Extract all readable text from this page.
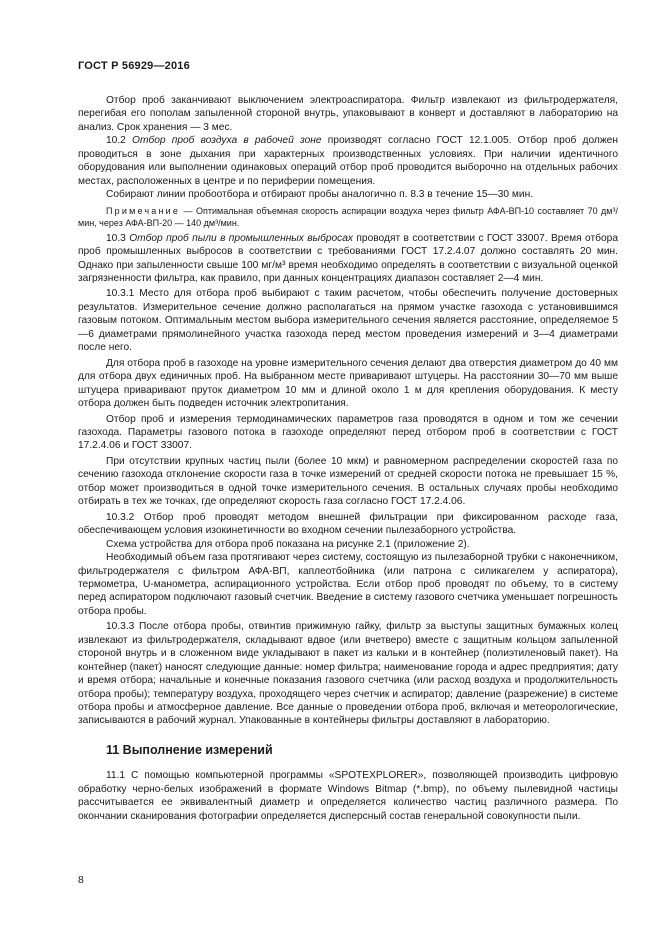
ГОСТ Р 56929—2016

Отбор проб заканчивают выключением электроаспиратора. Фильтр извлекают из фильтродержателя, перегибая его пополам запыленной стороной внутрь, упаковывают в конверт и доставляют в лабораторию на анализ. Срок хранения — 3 мес.

10.2 Отбор проб воздуха в рабочей зоне производят согласно ГОСТ 12.1.005. Отбор проб должен проводиться в зоне дыхания при характерных производственных условиях. При наличии идентичного оборудования или выполнении одинаковых операций отбор проб проводится выборочно на отдельных рабочих местах, расположенных в центре и по периферии помещения.

Собирают линии пробоотбора и отбирают пробы аналогично п. 8.3 в течение 15—30 мин.

Примечание — Оптимальная объемная скорость аспирации воздуха через фильтр АФА-ВП-10 составляет 70 дм³/мин, через АФА-ВП-20 — 140 дм³/мин.

10.3 Отбор проб пыли в промышленных выбросах проводят в соответствии с ГОСТ 33007. Время отбора проб промышленных выбросов в соответствии с требованиями ГОСТ 17.2.4.07 должно составлять 20 мин. Однако при запыленности свыше 100 мг/м³ время необходимо определять в соответствии с визуальной оценкой загрязненности фильтра, как правило, при данных концентрациях диапазон составляет 2—4 мин.

10.3.1 Место для отбора проб выбирают с таким расчетом, чтобы обеспечить получение достоверных результатов. Измерительное сечение должно располагаться на прямом участке газохода с установившимся газовым потоком. Оптимальным местом выбора измерительного сечения является расстояние, определяемое 5—6 диаметрами прямолинейного участка газохода перед местом проведения измерений и 3—4 диаметрами после него.

Для отбора проб в газоходе на уровне измерительного сечения делают два отверстия диаметром до 40 мм для отбора двух единичных проб. На выбранном месте приваривают штуцеры. На расстоянии 30—70 мм выше штуцера приваривают пруток диаметром 10 мм и длиной около 1 м для крепления оборудования. К месту отбора должен быть подведен источник электропитания.

Отбор проб и измерения термодинамических параметров газа проводятся в одном и том же сечении газохода. Параметры газового потока в газоходе определяют перед отбором проб в соответствии с ГОСТ 17.2.4.06 и ГОСТ 33007.

При отсутствии крупных частиц пыли (более 10 мкм) и равномерном распределении скоростей газа по сечению газохода отклонение скорости газа в точке измерений от средней скорости потока не превышает 15 %, отбор может производиться в одной точке измерительного сечения. В остальных случаях пробы необходимо отбирать в тех же точках, где определяют скорость газа согласно ГОСТ 17.2.4.06.

10.3.2 Отбор проб проводят методом внешней фильтрации при фиксированном расходе газа, обеспечивающем условия изокинетичности во входном сечении пылезаборного устройства.

Схема устройства для отбора проб показана на рисунке 2.1 (приложение 2).

Необходимый объем газа протягивают через систему, состоящую из пылезаборной трубки с наконечником, фильтродержателя с фильтром АФА-ВП, каплеотбойника (или патрона с силикагелем у аспиратора), термометра, U-манометра, аспирационного устройства. Если отбор проб проводят по объему, то в систему перед аспиратором подключают газовый счетчик. Введение в систему газового счетчика уменьшает погрешность отбора пробы.

10.3.3 После отбора пробы, отвинтив прижимную гайку, фильтр за выступы защитных бумажных колец извлекают из фильтродержателя, складывают вдвое (или вчетверо) вместе с защитным кольцом запыленной стороной внутрь и в сложенном виде укладывают в пакет из кальки и в контейнер (полиэтиленовый пакет). На контейнер (пакет) наносят следующие данные: номер фильтра; наименование города и адрес предприятия; дату и время отбора; начальные и конечные показания газового счетчика (или расход воздуха и продолжительность отбора пробы); температуру воздуха, проходящего через счетчик и аспиратор; давление (разрежение) в системе отбора пробы и атмосферное давление. Все данные о проведении отбора проб, включая и метеорологические, записываются в рабочий журнал. Упакованные в контейнеры фильтры доставляют в лабораторию.

11 Выполнение измерений

11.1 С помощью компьютерной программы «SPOTEXPLORER», позволяющей производить цифровую обработку черно-белых изображений в формате Windows Bitmap (*.bmp), по объему пылевидной частицы рассчитывается ее эквивалентный диаметр и определяется количество частиц различного размера. По окончании сканирования фотографии определяется дисперсный состав генеральной совокупности пыли.

8
